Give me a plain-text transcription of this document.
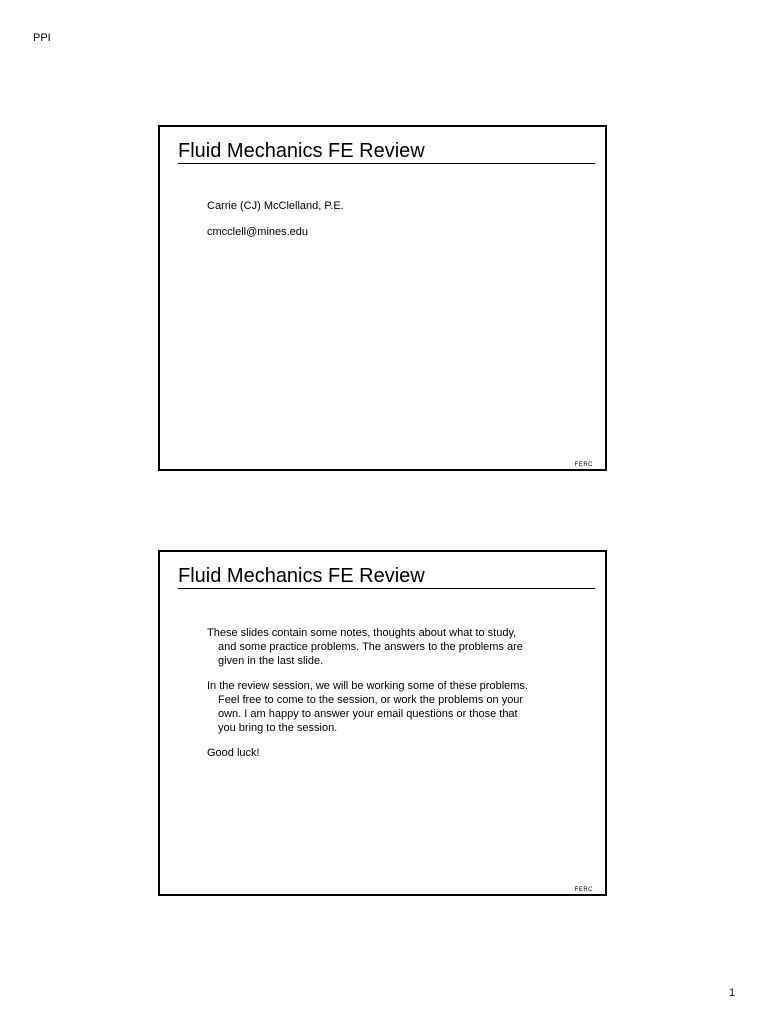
PPI
Fluid Mechanics FE Review

Carrie (CJ) McClelland, P.E.

cmcclell@mines.edu

FERC
Fluid Mechanics FE Review

These slides contain some notes, thoughts about what to study, and some practice problems. The answers to the problems are given in the last slide.

In the review session, we will be working some of these problems. Feel free to come to the session, or work the problems on your own. I am happy to answer your email questions or those that you bring to the session.

Good luck!

FERC
1
